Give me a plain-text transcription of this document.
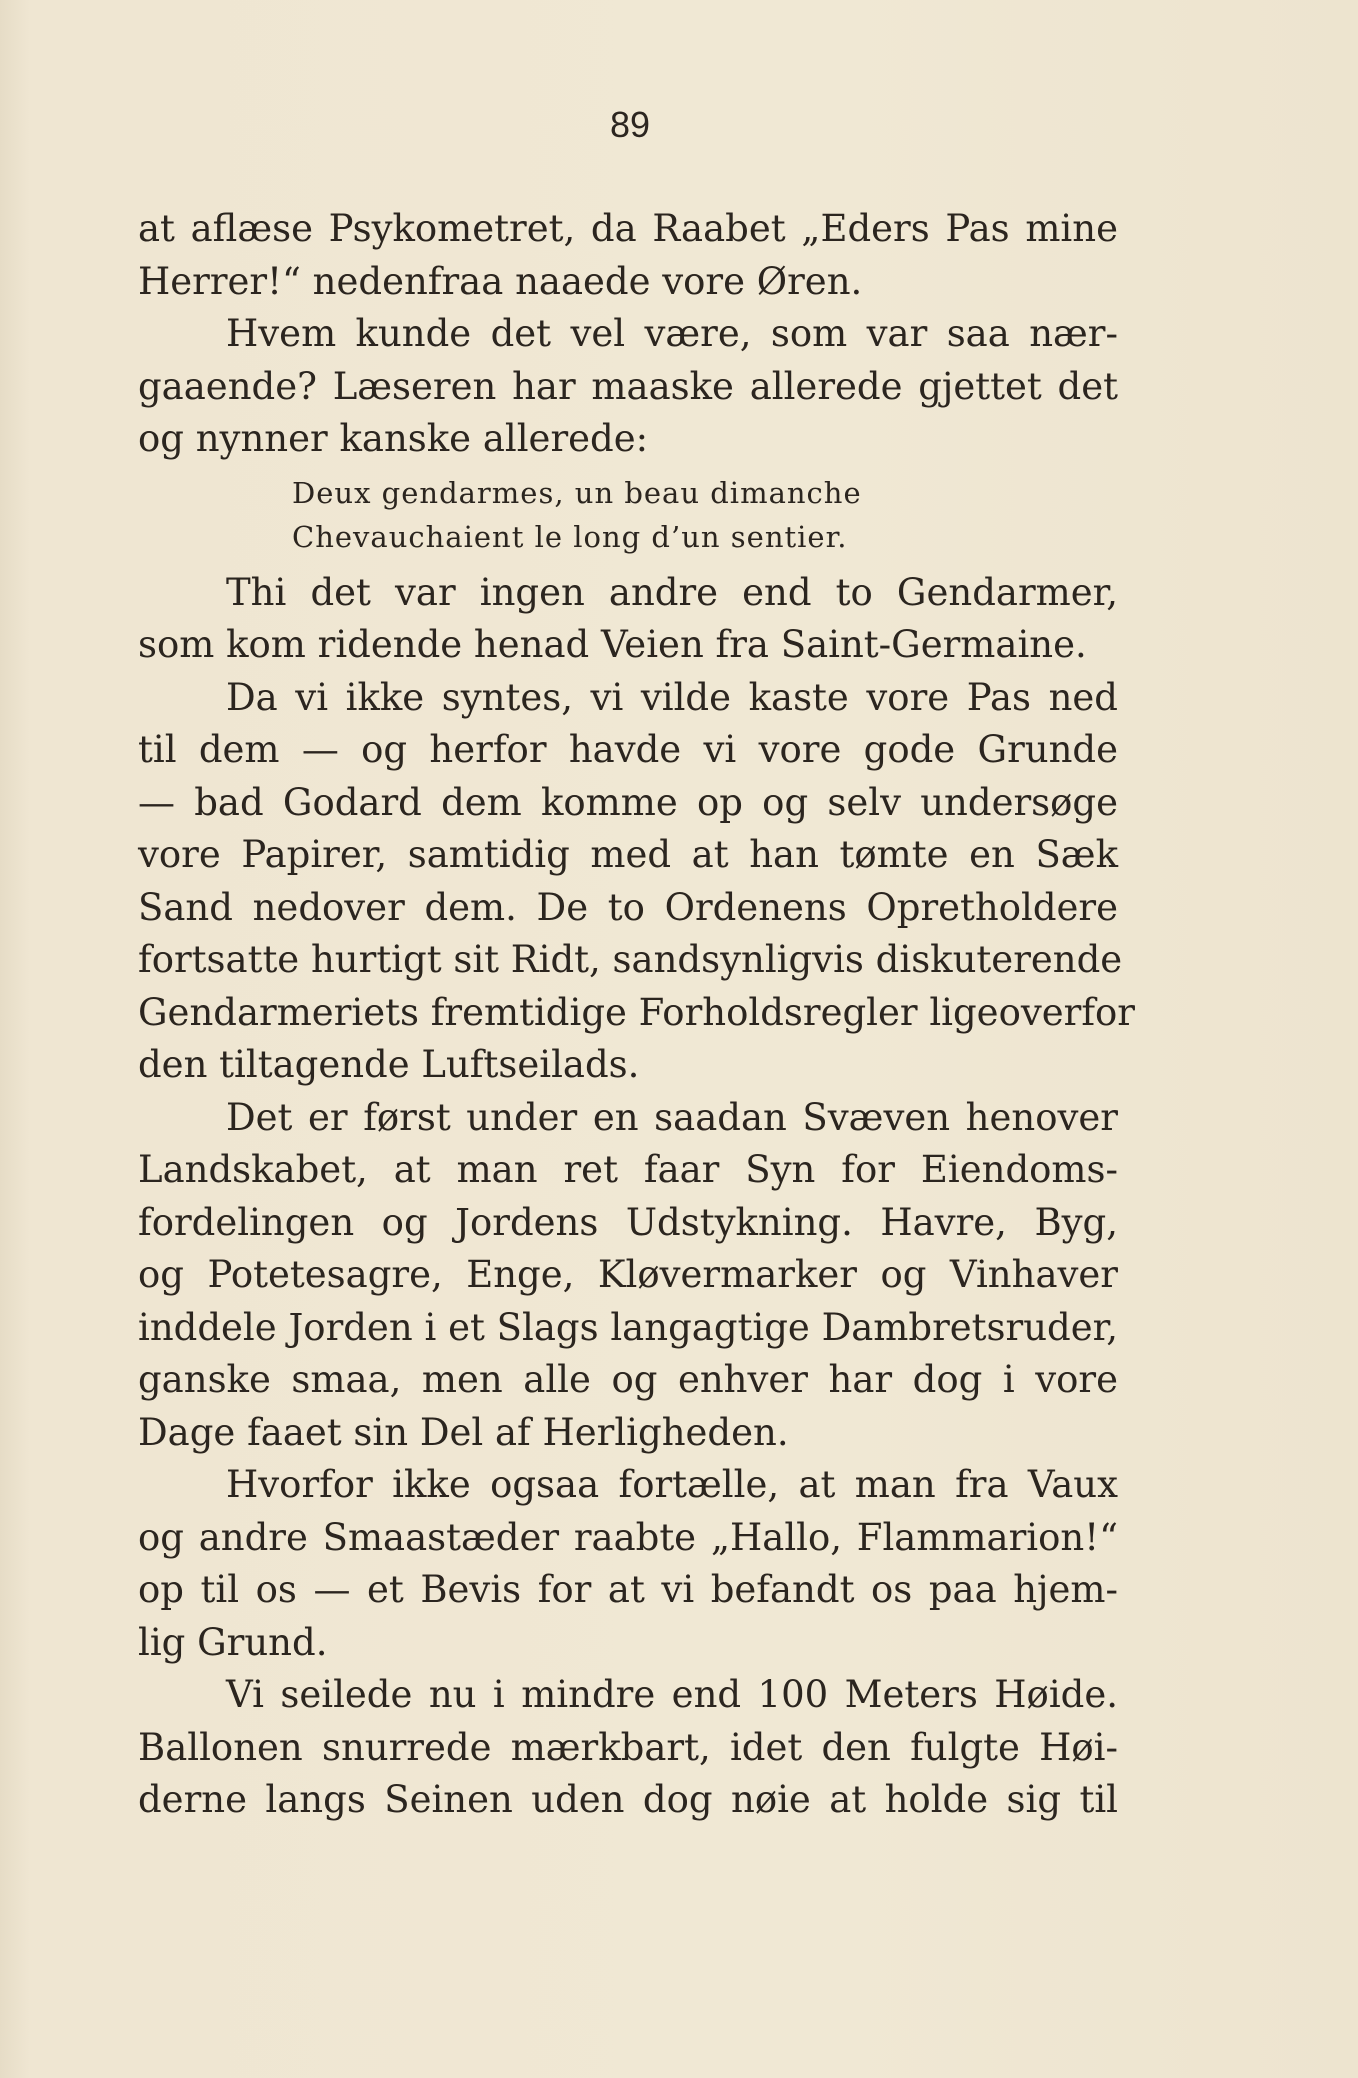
89
at aflæse Psykometret, da Raabet „Eders Pas mine
Herrer!“ nedenfraa naaede vore Øren.
Hvem kunde det vel være, som var saa nær-
gaaende? Læseren har maaske allerede gjettet det
og nynner kanske allerede:
Deux gendarmes, un beau dimanche
Chevauchaient le long d’un sentier.
Thi det var ingen andre end to Gendarmer,
som kom ridende henad Veien fra Saint-Germaine.
Da vi ikke syntes, vi vilde kaste vore Pas ned
til dem — og herfor havde vi vore gode Grunde
— bad Godard dem komme op og selv undersøge
vore Papirer, samtidig med at han tømte en Sæk
Sand nedover dem. De to Ordenens Opretholdere
fortsatte hurtigt sit Ridt, sandsynligvis diskuterende
Gendarmeriets fremtidige Forholdsregler ligeoverfor
den tiltagende Luftseilads.
Det er først under en saadan Svæven henover
Landskabet, at man ret faar Syn for Eiendoms-
fordelingen og Jordens Udstykning. Havre, Byg,
og Potetesagre, Enge, Kløvermarker og Vinhaver
inddele Jorden i et Slags langagtige Dambretsruder,
ganske smaa, men alle og enhver har dog i vore
Dage faaet sin Del af Herligheden.
Hvorfor ikke ogsaa fortælle, at man fra Vaux
og andre Smaastæder raabte „Hallo, Flammarion!“
op til os — et Bevis for at vi befandt os paa hjem-
lig Grund.
Vi seilede nu i mindre end 100 Meters Høide.
Ballonen snurrede mærkbart, idet den fulgte Høi-
derne langs Seinen uden dog nøie at holde sig til
